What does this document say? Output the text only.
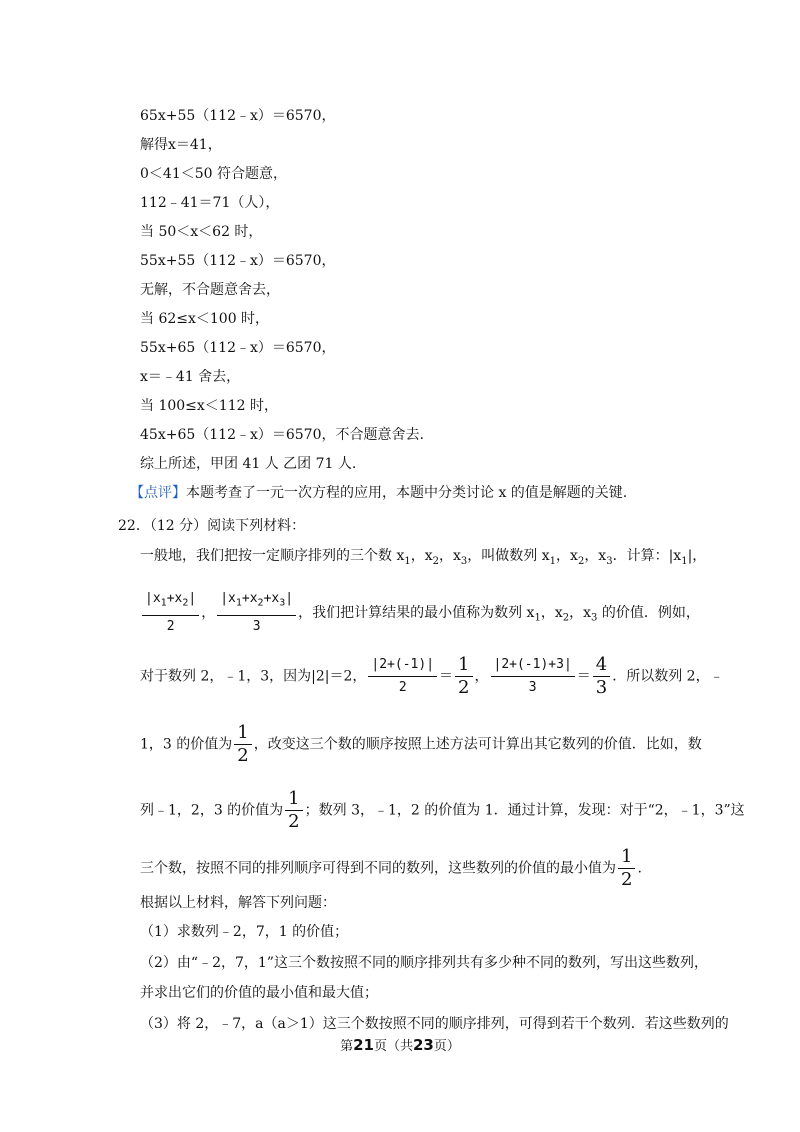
65x+55（112﹣x）＝6570，
解得x＝41，
0＜41＜50 符合题意，
112﹣41＝71（人），
当 50＜x＜62 时，
55x+55（112﹣x）＝6570，
无解，不合题意舍去，
当 62≤x＜100 时，
55x+65（112﹣x）＝6570，
x＝﹣41 舍去，
当 100≤x＜112 时，
45x+65（112﹣x）＝6570，不合题意舍去.
综上所述，甲团 41 人 乙团 71 人.
【点评】本题考查了一元一次方程的应用，本题中分类讨论 x 的值是解题的关键.
22．（12 分）阅读下列材料：
一般地，我们把按一定顺序排列的三个数 $x_1$，$x_2$，$x_3$，叫做数列 $x_1$，$x_2$，$x_3$．计算：$|x_1|$，
$\frac{|x_1+x_2|}{2}$ ， $\frac{|x_1+x_2+x_3|}{3}$ ，我们把计算结果的最小值称为数列 $x_1$，$x_2$，$x_3$ 的价值．例如，
对于数列 2，﹣1，3，因为|2|＝2， $\frac{|2+(-1)|}{2} = \frac{1}{2}$ ， $\frac{|2+(-1)+3|}{3} = \frac{4}{3}$ ．所以数列 2，﹣
1，3 的价值为 $\frac{1}{2}$ ，改变这三个数的顺序按照上述方法可计算出其它数列的价值．比如，数
列﹣1，2，3 的价值为 $\frac{1}{2}$ ；数列 3，﹣1，2 的价值为 1．通过计算，发现：对于“2，﹣1，3”这
三个数，按照不同的排列顺序可得到不同的数列，这些数列的价值的最小值为 $\frac{1}{2}$ .
根据以上材料，解答下列问题：
（1）求数列﹣2，7，1 的价值；
（2）由“﹣2，7，1”这三个数按照不同的顺序排列共有多少种不同的数列，写出这些数列，
并求出它们的价值的最小值和最大值；
（3）将 2，﹣7，a（a＞1）这三个数按照不同的顺序排列，可得到若干个数列．若这些数列的
第21页（共23页）
